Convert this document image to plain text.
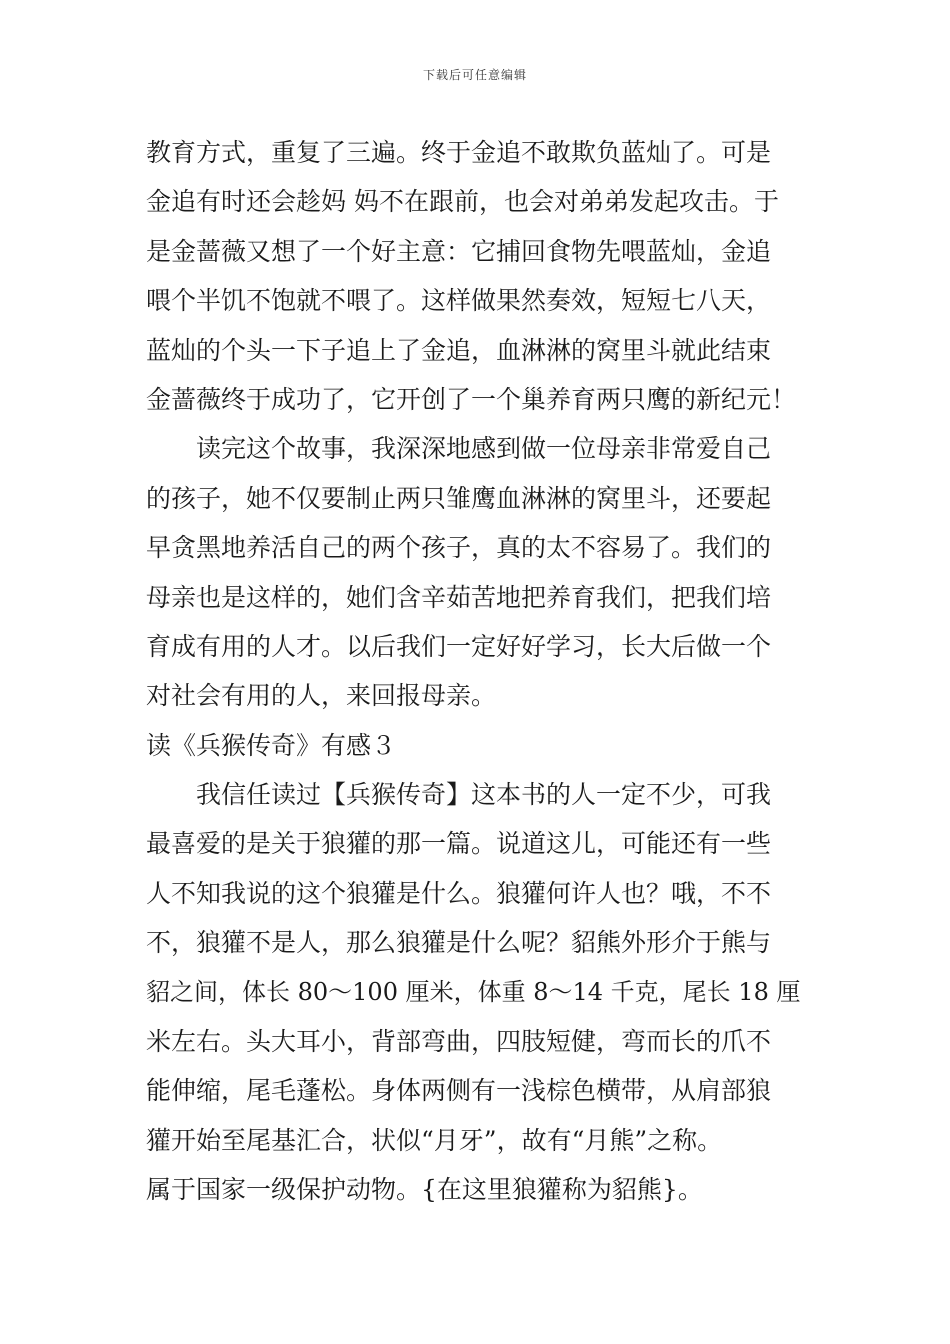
下载后可任意编辑
教育方式，重复了三遍。终于金追不敢欺负蓝灿了。可是
金追有时还会趁妈 妈不在跟前，也会对弟弟发起攻击。于
是金蔷薇又想了一个好主意：它捕回食物先喂蓝灿，金追
喂个半饥不饱就不喂了。这样做果然奏效，短短七八天，
蓝灿的个头一下子追上了金追，血淋淋的窝里斗就此结束
金蔷薇终于成功了，它开创了一个巢养育两只鹰的新纪元！
读完这个故事，我深深地感到做一位母亲非常爱自己
的孩子，她不仅要制止两只雏鹰血淋淋的窝里斗，还要起
早贪黑地养活自己的两个孩子，真的太不容易了。我们的
母亲也是这样的，她们含辛茹苦地把养育我们，把我们培
育成有用的人才。以后我们一定好好学习，长大后做一个
对社会有用的人，来回报母亲。
读《兵猴传奇》有感３
我信任读过【兵猴传奇】这本书的人一定不少，可我
最喜爱的是关于狼獾的那一篇。说道这儿，可能还有一些
人不知我说的这个狼獾是什么。狼獾何许人也？哦，不不
不，狼獾不是人，那么狼獾是什么呢？貂熊外形介于熊与
貂之间，体长 80～100 厘米，体重 8～14 千克，尾长 18 厘
米左右。头大耳小，背部弯曲，四肢短健，弯而长的爪不
能伸缩，尾毛蓬松。身体两侧有一浅棕色横带，从肩部狼
獾开始至尾基汇合，状似“月牙”，故有“月熊”之称。
属于国家一级保护动物。{在这里狼獾称为貂熊}。
